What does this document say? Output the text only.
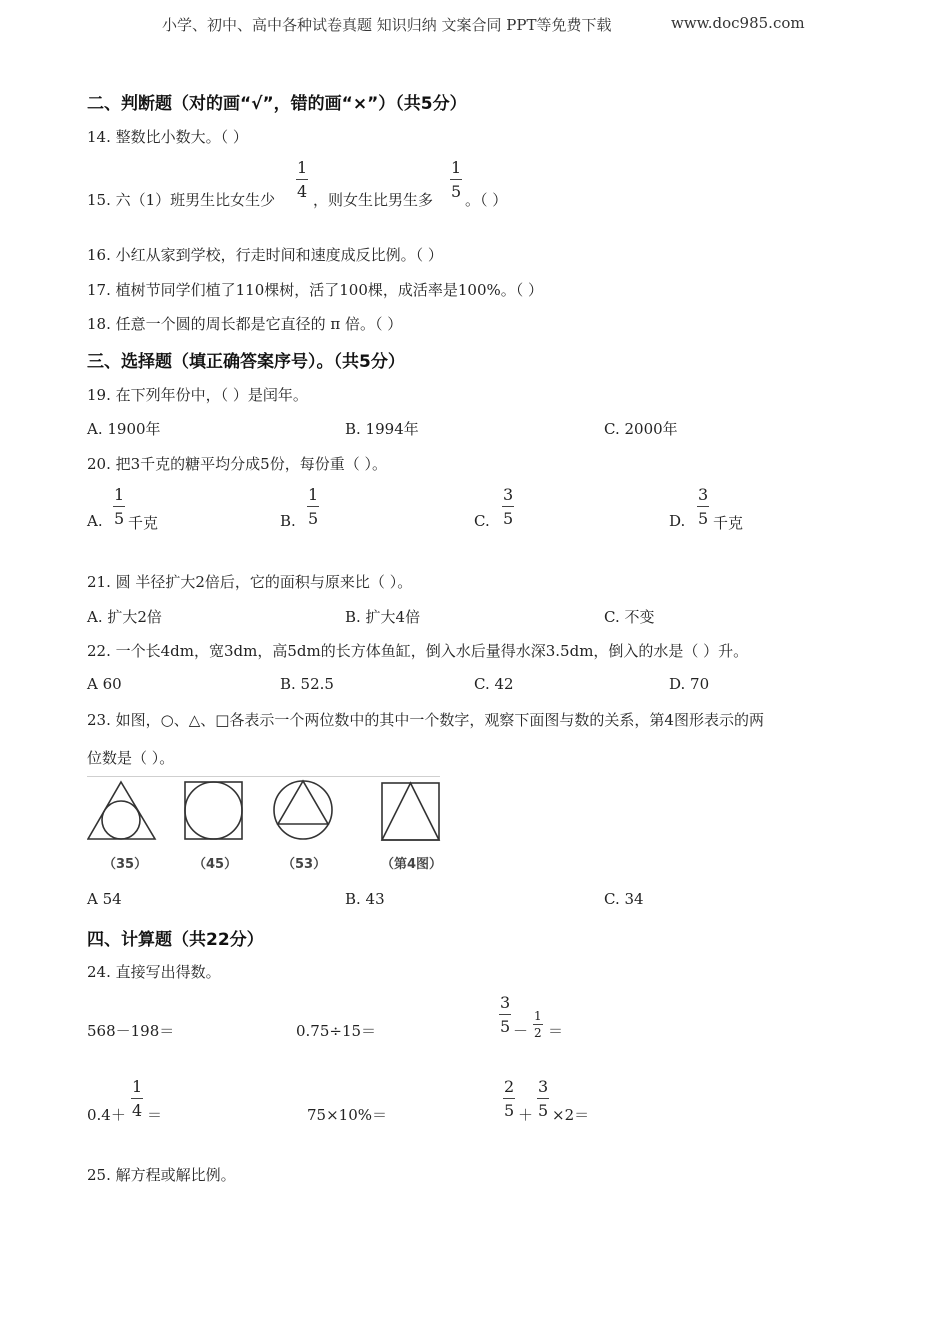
小学、初中、高中各种试卷真题 知识归纳 文案合同 PPT等免费下载	www.doc985.com
二、判断题（对的画“√”，错的画“×”）（共5分）
14. 整数比小数大。（ ）
15. 六（1）班男生比女生少 $\frac{1}{4}$ ，则女生比男生多 $\frac{1}{5}$ 。（ ）
16. 小红从家到学校，行走时间和速度成反比例。（ ）
17. 植树节同学们植了110棵树，活了100棵，成活率是100%。（ ）
18. 任意一个圆的周长都是它直径的 π 倍。（ ）
三、选择题（填正确答案序号）。（共5分）
19. 在下列年份中，（ ）是闰年。
A. 1900年	B. 1994年	C. 2000年
20. 把3千克的糖平均分成5份，每份重（ ）。
A. $\frac{1}{5}$ 千克	B. $\frac{1}{5}$	C. $\frac{3}{5}$	D. $\frac{3}{5}$ 千克
21. 圆 半径扩大2倍后，它的面积与原来比（ ）。
A. 扩大2倍	B. 扩大4倍	C. 不变
22. 一个长4dm，宽3dm，高5dm的长方体鱼缸，倒入水后量得水深3.5dm，倒入的水是（ ）升。
A 60	B. 52.5	C. 42	D. 70
23. 如图，○、△、□各表示一个两位数中的其中一个数字，观察下面图与数的关系，第4图形表示的两
位数是（ ）。
（35）	（45）	（53）	（第4图）
A 54	B. 43	C. 34
四、计算题（共22分）
24. 直接写出得数。
568－198＝	0.75÷15＝	$\frac{3}{5} - \frac{1}{2}$ ＝
$0.4+ \frac{1}{4}$ ＝	75×10%＝	$\frac{2}{5} + \frac{3}{5} \times 2=$
25. 解方程或解比例。
